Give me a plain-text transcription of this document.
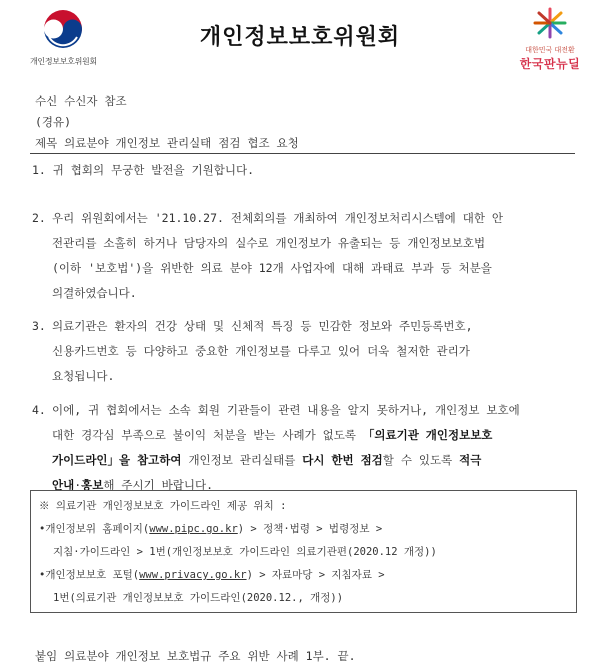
개인정보보호위원회
개인정보보호위원회	대한민국 대전환
한국판뉴딜
수신 수신자 참조
(경유)
제목 의료분야 개인정보 관리실태 점검 협조 요청
1. 귀 협회의 무궁한 발전을 기원합니다.
2. 우리 위원회에서는 '21.10.27. 전체회의를 개최하여 개인정보처리시스템에 대한 안
전관리를 소홀히 하거나 담당자의 실수로 개인정보가 유출되는 등 개인정보보호법
(이하 '보호법')을 위반한 의료 분야 12개 사업자에 대해 과태료 부과 등 처분을
의결하였습니다.
3. 의료기관은 환자의 건강 상태 및 신체적 특징 등 민감한 정보와 주민등록번호,
신용카드번호 등 다양하고 중요한 개인정보를 다루고 있어 더욱 철저한 관리가
요청됩니다.
4. 이에, 귀 협회에서는 소속 회원 기관들이 관련 내용을 알지 못하거나, 개인정보 보호에
대한 경각심 부족으로 불이익 처분을 받는 사례가 없도록 「의료기관 개인정보보호
가이드라인」을 참고하여 개인정보 관리실태를 다시 한번 점검할 수 있도록 적극
안내·홍보해 주시기 바랍니다.
※ 의료기관 개인정보보호 가이드라인 제공 위치 :
•개인정보위 홈페이지(www.pipc.go.kr) > 정책·법령 > 법령정보 >
지침·가이드라인 > 1번(개인정보보호 가이드라인 의료기관편(2020.12 개정))
•개인정보보호 포털(www.privacy.go.kr) > 자료마당 > 지침자료 >
1번(의료기관 개인정보보호 가이드라인(2020.12., 개정))
붙임 의료분야 개인정보 보호법규 주요 위반 사례 1부. 끝.
